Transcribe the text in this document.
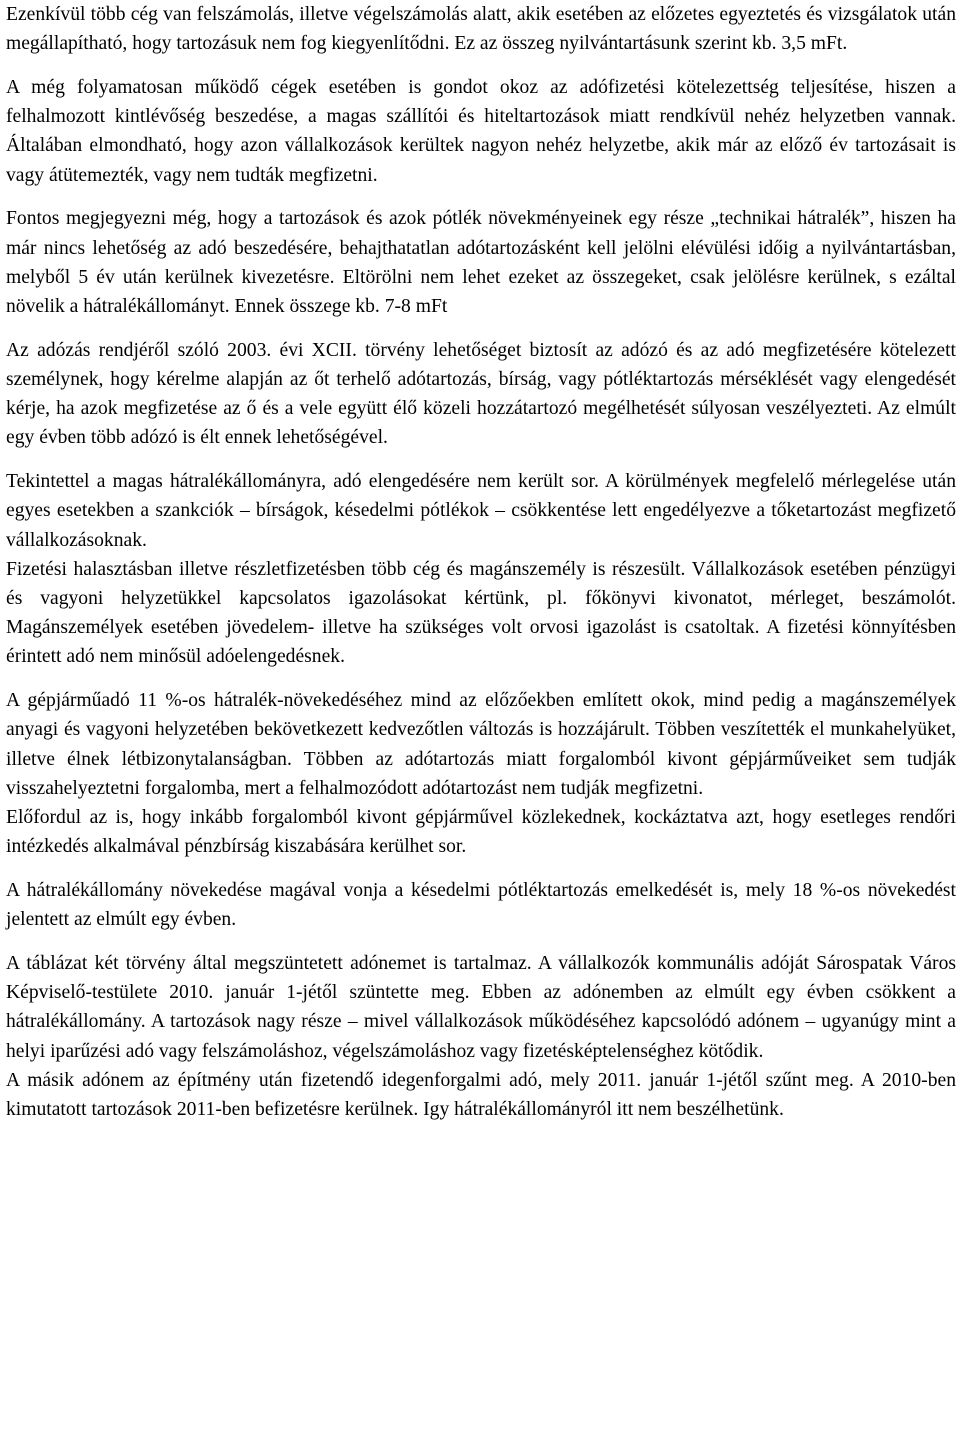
Ezenkívül több cég van felszámolás, illetve végelszámolás alatt, akik esetében az előzetes egyeztetés és vizsgálatok után megállapítható, hogy tartozásuk nem fog kiegyenlítődni. Ez az összeg nyilvántartásunk szerint kb. 3,5 mFt.

A még folyamatosan működő cégek esetében is gondot okoz az adófizetési kötelezettség teljesítése, hiszen a felhalmozott kintlévőség beszedése, a magas szállítói és hiteltartozások miatt rendkívül nehéz helyzetben vannak. Általában elmondható, hogy azon vállalkozások kerültek nagyon nehéz helyzetbe, akik már az előző év tartozásait is vagy átütemezték, vagy nem tudták megfizetni.

Fontos megjegyezni még, hogy a tartozások és azok pótlék növekményeinek egy része „technikai hátralék”, hiszen ha már nincs lehetőség az adó beszedésére, behajthatatlan adótartozásként kell jelölni elévülési időig a nyilvántartásban, melyből 5 év után kerülnek kivezetésre. Eltörölni nem lehet ezeket az összegeket, csak jelölésre kerülnek, s ezáltal növelik a hátralékállományt. Ennek összege kb. 7-8 mFt

Az adózás rendjéről szóló 2003. évi XCII. törvény lehetőséget biztosít az adózó és az adó megfizetésére kötelezett személynek, hogy kérelme alapján az őt terhelő adótartozás, bírság, vagy pótléktartozás mérséklését vagy elengedését kérje, ha azok megfizetése az ő és a vele együtt élő közeli hozzátartozó megélhetését súlyosan veszélyezteti. Az elmúlt egy évben több adózó is élt ennek lehetőségével.

Tekintettel a magas hátralékállományra, adó elengedésére nem került sor. A körülmények megfelelő mérlegelése után egyes esetekben a szankciók – bírságok, késedelmi pótlékok – csökkentése lett engedélyezve a tőketartozást megfizető vállalkozásoknak.

Fizetési halasztásban illetve részletfizetésben több cég és magánszemély is részesült. Vállalkozások esetében pénzügyi és vagyoni helyzetükkel kapcsolatos igazolásokat kértünk, pl. főkönyvi kivonatot, mérleget, beszámolót. Magánszemélyek esetében jövedelem- illetve ha szükséges volt orvosi igazolást is csatoltak. A fizetési könnyítésben érintett adó nem minősül adóelengedésnek.

A gépjárműadó 11 %-os hátralék-növekedéséhez mind az előzőekben említett okok, mind pedig a magánszemélyek anyagi és vagyoni helyzetében bekövetkezett kedvezőtlen változás is hozzájárult. Többen veszítették el munkahelyüket, illetve élnek létbizonytalanságban. Többen az adótartozás miatt forgalomból kivont gépjárműveiket sem tudják visszahelyeztetni forgalomba, mert a felhalmozódott adótartozást nem tudják megfizetni.

Előfordul az is, hogy inkább forgalomból kivont gépjárművel közlekednek, kockáztatva azt, hogy esetleges rendőri intézkedés alkalmával pénzbírság kiszabására kerülhet sor.

A hátralékállomány növekedése magával vonja a késedelmi pótléktartozás emelkedését is, mely 18 %-os növekedést jelentett az elmúlt egy évben.

A táblázat két törvény által megszüntetett adónemet is tartalmaz. A vállalkozók kommunális adóját Sárospatak Város Képviselő-testülete 2010. január 1-jétől szüntette meg. Ebben az adónemben az elmúlt egy évben csökkent a hátralékállomány. A tartozások nagy része – mivel vállalkozások működéséhez kapcsolódó adónem – ugyanúgy mint a helyi iparűzési adó vagy felszámoláshoz, végelszámoláshoz vagy fizetésképtelenséghez kötődik.

A másik adónem az építmény után fizetendő idegenforgalmi adó, mely 2011. január 1-jétől szűnt meg. A 2010-ben kimutatott tartozások 2011-ben befizetésre kerülnek. Igy hátralékállományról itt nem beszélhetünk.
